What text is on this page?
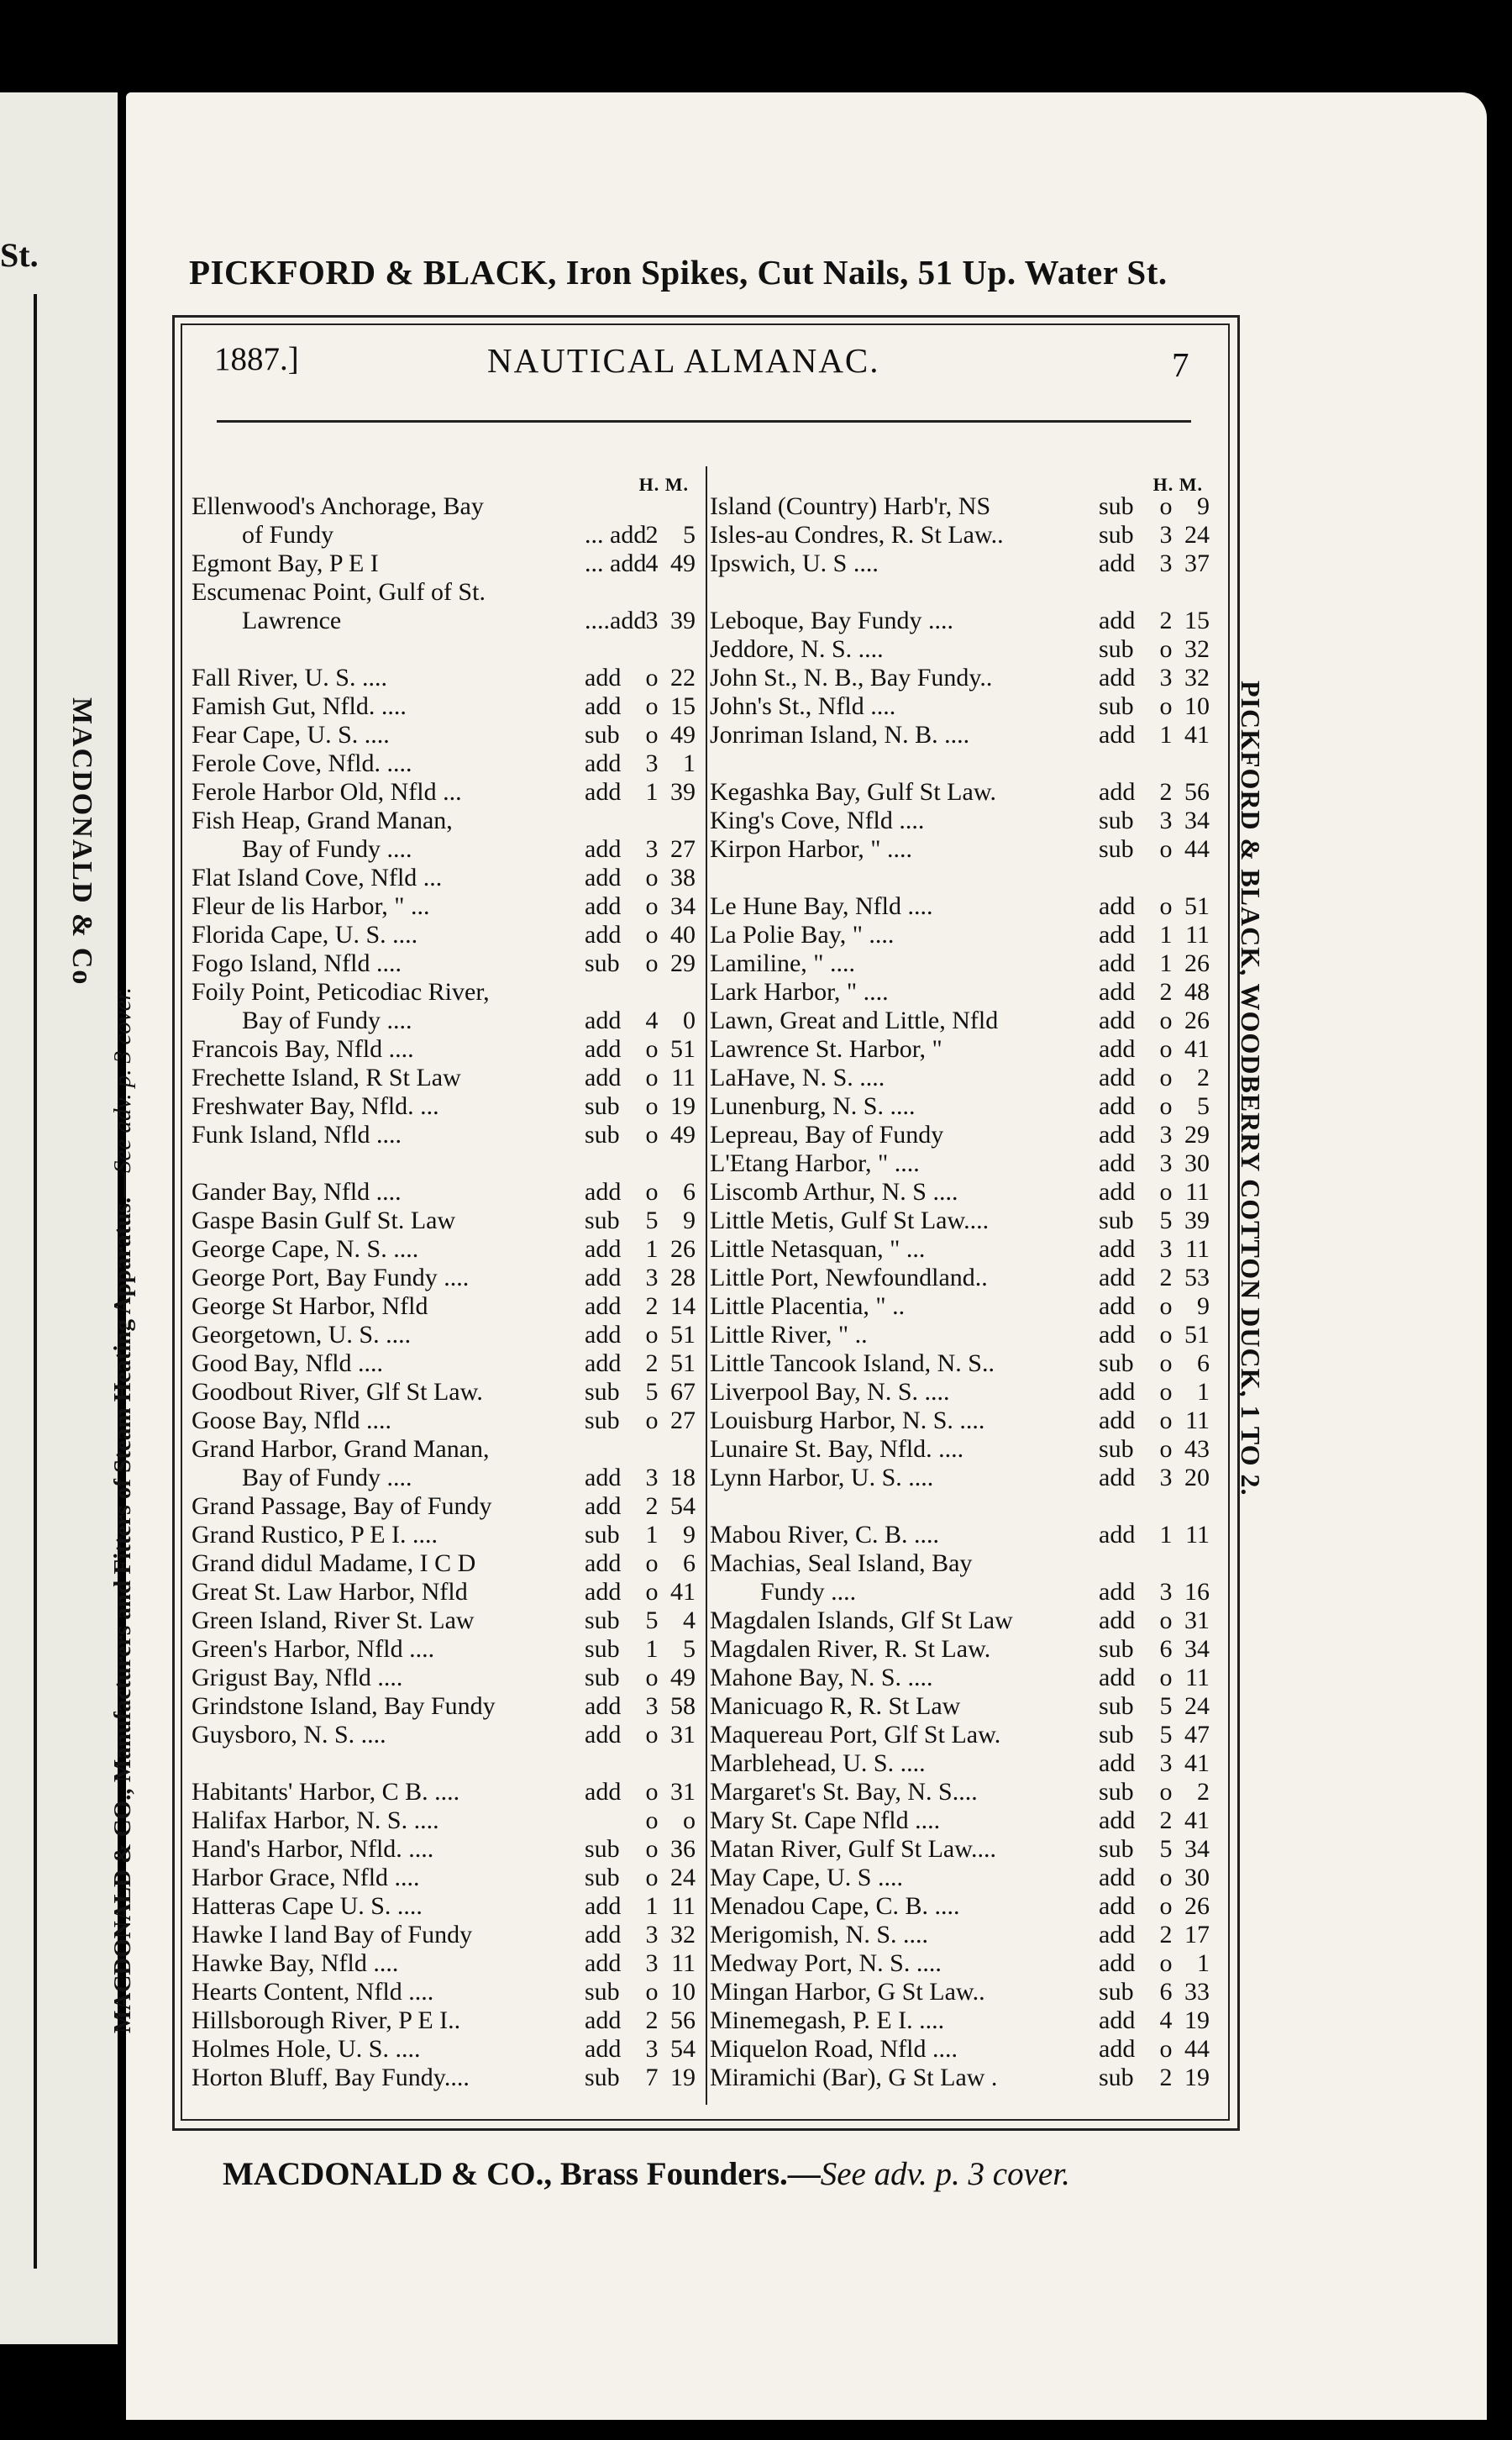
St.
MACDONALD & Co
PICKFORD & BLACK, Iron Spikes, Cut Nails, 51 Up. Water St.
MACDONALD & CO., Manufacturers and Fitters of Steam Heating Apparatus.—See adv. p. 3 cover.	PICKFORD & BLACK, WOODBERRY COTTON DUCK, 1 TO 2.
1887.]	NAUTICAL ALMANAC.	7
H. M.
Ellenwood's Anchorage, Bay
of Fundy	... add 2 5
Egmont Bay, P E I	... add 4 49
Escumenac Point, Gulf of St.
Lawrence	....add 3 39
Fall River, U. S. ....	add o 22
Famish Gut, Nfld. ....	add o 15
Fear Cape, U. S. ....	sub	o 49
Ferole Cove, Nfld. ....	add 3 1
Ferole Harbor Old, Nfld ...	add 1 39
Fish Heap, Grand Manan,
Bay of Fundy ....	add 3 27
Flat Island Cove, Nfld ...	add o 38
Fleur de lis Harbor, " ...	add o 34
Florida Cape, U. S. ....	add o 40
Fogo Island, Nfld ....	sub	o 29
Foily Point, Peticodiac River,
Bay of Fundy ....	add 4 0
Francois Bay, Nfld ....	add o 51
Frechette Island, R St Law	add o 11
Freshwater Bay, Nfld. ...	sub	o 19
Funk Island, Nfld ....	sub	o 49
Gander Bay, Nfld ....	add o 6
Gaspe Basin Gulf St. Law	sub	5 9
George Cape, N. S. ....	add 1 26
George Port, Bay Fundy ....	add 3 28
George St Harbor, Nfld	add 2 14
Georgetown, U. S. ....	add o 51
Good Bay, Nfld ....	add 2 51
Goodbout River, Glf St Law.	sub	5 67
Goose Bay, Nfld ....	sub	o 27
Grand Harbor, Grand Manan,
Bay of Fundy ....	add 3 18
Grand Passage, Bay of Fundy	add 2 54
Grand Rustico, P E I. ....	sub	1 9
Grand didul Madame, I C D	add o 6
Great St. Law Harbor, Nfld	add o 41
Green Island, River St. Law	sub	5 4
Green's Harbor, Nfld ....	sub	1 5
Grigust Bay, Nfld ....	sub	o 49
Grindstone Island, Bay Fundy	add 3 58
Guysboro, N. S. ....	add o 31
Habitants' Harbor, C B. ....	add o 31
Halifax Harbor, N. S. ....	o o
Hand's Harbor, Nfld. ....	sub	o 36
Harbor Grace, Nfld ....	sub	o 24
Hatteras Cape U. S. ....	add 1 11
Hawke I land Bay of Fundy	add 3 32
Hawke Bay, Nfld ....	add 3 11
Hearts Content, Nfld ....	sub	o 10
Hillsborough River, P E I..	add 2 56
Holmes Hole, U. S. ....	add 3 54
Horton Bluff, Bay Fundy....	sub	7 19
H. M.
Island (Country) Harb'r, NS	sub	o 9
Isles-au Condres, R. St Law..	sub	3 24
Ipswich, U. S ....	add 3 37
Leboque, Bay Fundy ....	add 2 15
Jeddore, N. S. ....	sub	o 32
John St., N. B., Bay Fundy..	add 3 32
John's St., Nfld ....	sub	o 10
Jonriman Island, N. B. ....	add 1 41
Kegashka Bay, Gulf St Law.	add 2 56
King's Cove, Nfld ....	sub	3 34
Kirpon Harbor, " ....	sub	o 44
Le Hune Bay, Nfld ....	add o 51
La Polie Bay, " ....	add 1 11
Lamiline, " ....	add 1 26
Lark Harbor, " ....	add 2 48
Lawn, Great and Little, Nfld	add o 26
Lawrence St. Harbor, "	add o 41
LaHave, N. S. ....	add o 2
Lunenburg, N. S. ....	add o 5
Lepreau, Bay of Fundy	add 3 29
L'Etang Harbor, " ....	add 3 30
Liscomb Arthur, N. S ....	add o 11
Little Metis, Gulf St Law....	sub	5 39
Little Netasquan, " ...	add 3 11
Little Port, Newfoundland..	add 2 53
Little Placentia, " ..	add o 9
Little River, " ..	add o 51
Little Tancook Island, N. S..	sub	o 6
Liverpool Bay, N. S. ....	add o 1
Louisburg Harbor, N. S. ....	add o 11
Lunaire St. Bay, Nfld. ....	sub	o 43
Lynn Harbor, U. S. ....	add 3 20
Mabou River, C. B. ....	add 1 11
Machias, Seal Island, Bay
Fundy ....	add 3 16
Magdalen Islands, Glf St Law	add o 31
Magdalen River, R. St Law.	sub	6 34
Mahone Bay, N. S. ....	add o 11
Manicuago R, R. St Law	sub	5 24
Maquereau Port, Glf St Law.	sub	5 47
Marblehead, U. S. ....	add 3 41
Margaret's St. Bay, N. S....	sub	o 2
Mary St. Cape Nfld ....	add 2 41
Matan River, Gulf St Law....	sub	5 34
May Cape, U. S ....	add o 30
Menadou Cape, C. B. ....	add o 26
Merigomish, N. S. ....	add 2 17
Medway Port, N. S. ....	add o 1
Mingan Harbor, G St Law..	sub	6 33
Minemegash, P. E I. ....	add 4 19
Miquelon Road, Nfld ....	add o 44
Miramichi (Bar), G St Law .	sub	2 19
MACDONALD & CO., Brass Founders.—See adv. p. 3 cover.
